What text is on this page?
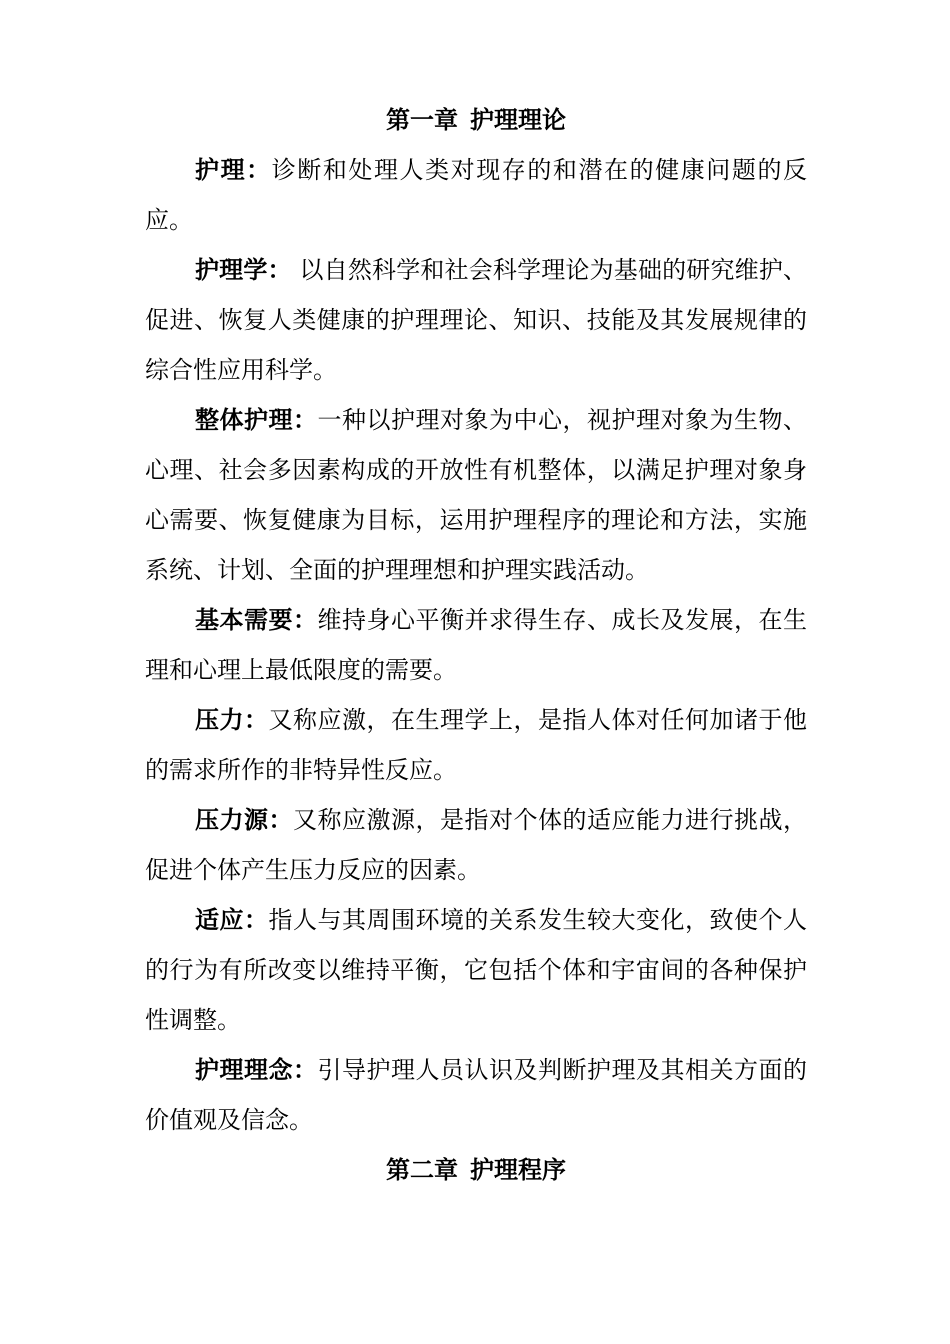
第一章 护理理论

护理：诊断和处理人类对现存的和潜在的健康问题的反应。

护理学： 以自然科学和社会科学理论为基础的研究维护、促进、恢复人类健康的护理理论、知识、技能及其发展规律的综合性应用科学。

整体护理：一种以护理对象为中心，视护理对象为生物、心理、社会多因素构成的开放性有机整体，以满足护理对象身心需要、恢复健康为目标，运用护理程序的理论和方法，实施系统、计划、全面的护理理想和护理实践活动。

基本需要：维持身心平衡并求得生存、成长及发展，在生理和心理上最低限度的需要。

压力：又称应激，在生理学上，是指人体对任何加诸于他的需求所作的非特异性反应。

压力源：又称应激源，是指对个体的适应能力进行挑战，促进个体产生压力反应的因素。

适应：指人与其周围环境的关系发生较大变化，致使个人的行为有所改变以维持平衡，它包括个体和宇宙间的各种保护性调整。

护理理念：引导护理人员认识及判断护理及其相关方面的价值观及信念。

第二章 护理程序
